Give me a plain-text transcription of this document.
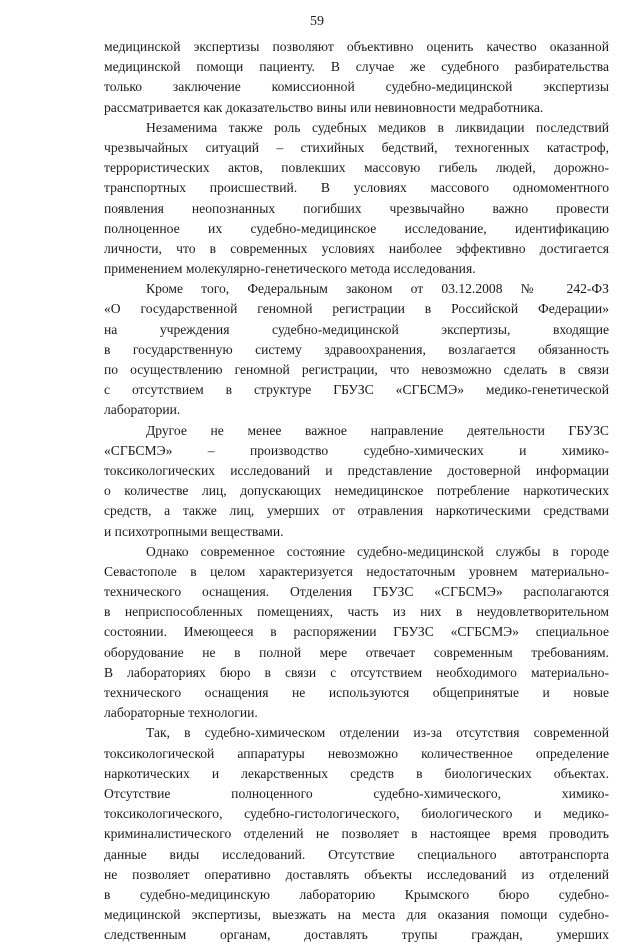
59
медицинской экспертизы позволяют объективно оценить качество оказанной
медицинской помощи пациенту. В случае же судебного разбирательства
только заключение комиссионной судебно-медицинской экспертизы
рассматривается как доказательство вины или невиновности медработника.
Незаменима также роль судебных медиков в ликвидации последствий
чрезвычайных ситуаций – стихийных бедствий, техногенных катастроф,
террористических актов, повлекших массовую гибель людей, дорожно-
транспортных происшествий. В условиях массового одномоментного
появления неопознанных погибших чрезвычайно важно провести
полноценное их судебно-медицинское исследование, идентификацию
личности, что в современных условиях наиболее эффективно достигается
применением молекулярно-генетического метода исследования.
Кроме того, Федеральным законом от 03.12.2008 № 242-ФЗ
«О государственной геномной регистрации в Российской Федерации»
на учреждения судебно-медицинской экспертизы, входящие
в государственную систему здравоохранения, возлагается обязанность
по осуществлению геномной регистрации, что невозможно сделать в связи
с отсутствием в структуре ГБУЗС «СГБСМЭ» медико-генетической
лаборатории.
Другое не менее важное направление деятельности ГБУЗС
«СГБСМЭ» – производство судебно-химических и химико-
токсикологических исследований и представление достоверной информации
о количестве лиц, допускающих немедицинское потребление наркотических
средств, а также лиц, умерших от отравления наркотическими средствами
и психотропными веществами.
Однако современное состояние судебно-медицинской службы в городе
Севастополе в целом характеризуется недостаточным уровнем материально-
технического оснащения. Отделения ГБУЗС «СГБСМЭ» располагаются
в неприспособленных помещениях, часть из них в неудовлетворительном
состоянии. Имеющееся в распоряжении ГБУЗС «СГБСМЭ» специальное
оборудование не в полной мере отвечает современным требованиям.
В лабораториях бюро в связи с отсутствием необходимого материально-
технического оснащения не используются общепринятые и новые
лабораторные технологии.
Так, в судебно-химическом отделении из-за отсутствия современной
токсикологической аппаратуры невозможно количественное определение
наркотических и лекарственных средств в биологических объектах.
Отсутствие полноценного судебно-химического, химико-
токсикологического, судебно-гистологического, биологического и медико-
криминалистического отделений не позволяет в настоящее время проводить
данные виды исследований. Отсутствие специального автотранспорта
не позволяет оперативно доставлять объекты исследований из отделений
в судебно-медицинскую лабораторию Крымского бюро судебно-
медицинской экспертизы, выезжать на места для оказания помощи судебно-
следственным органам, доставлять трупы граждан, умерших
